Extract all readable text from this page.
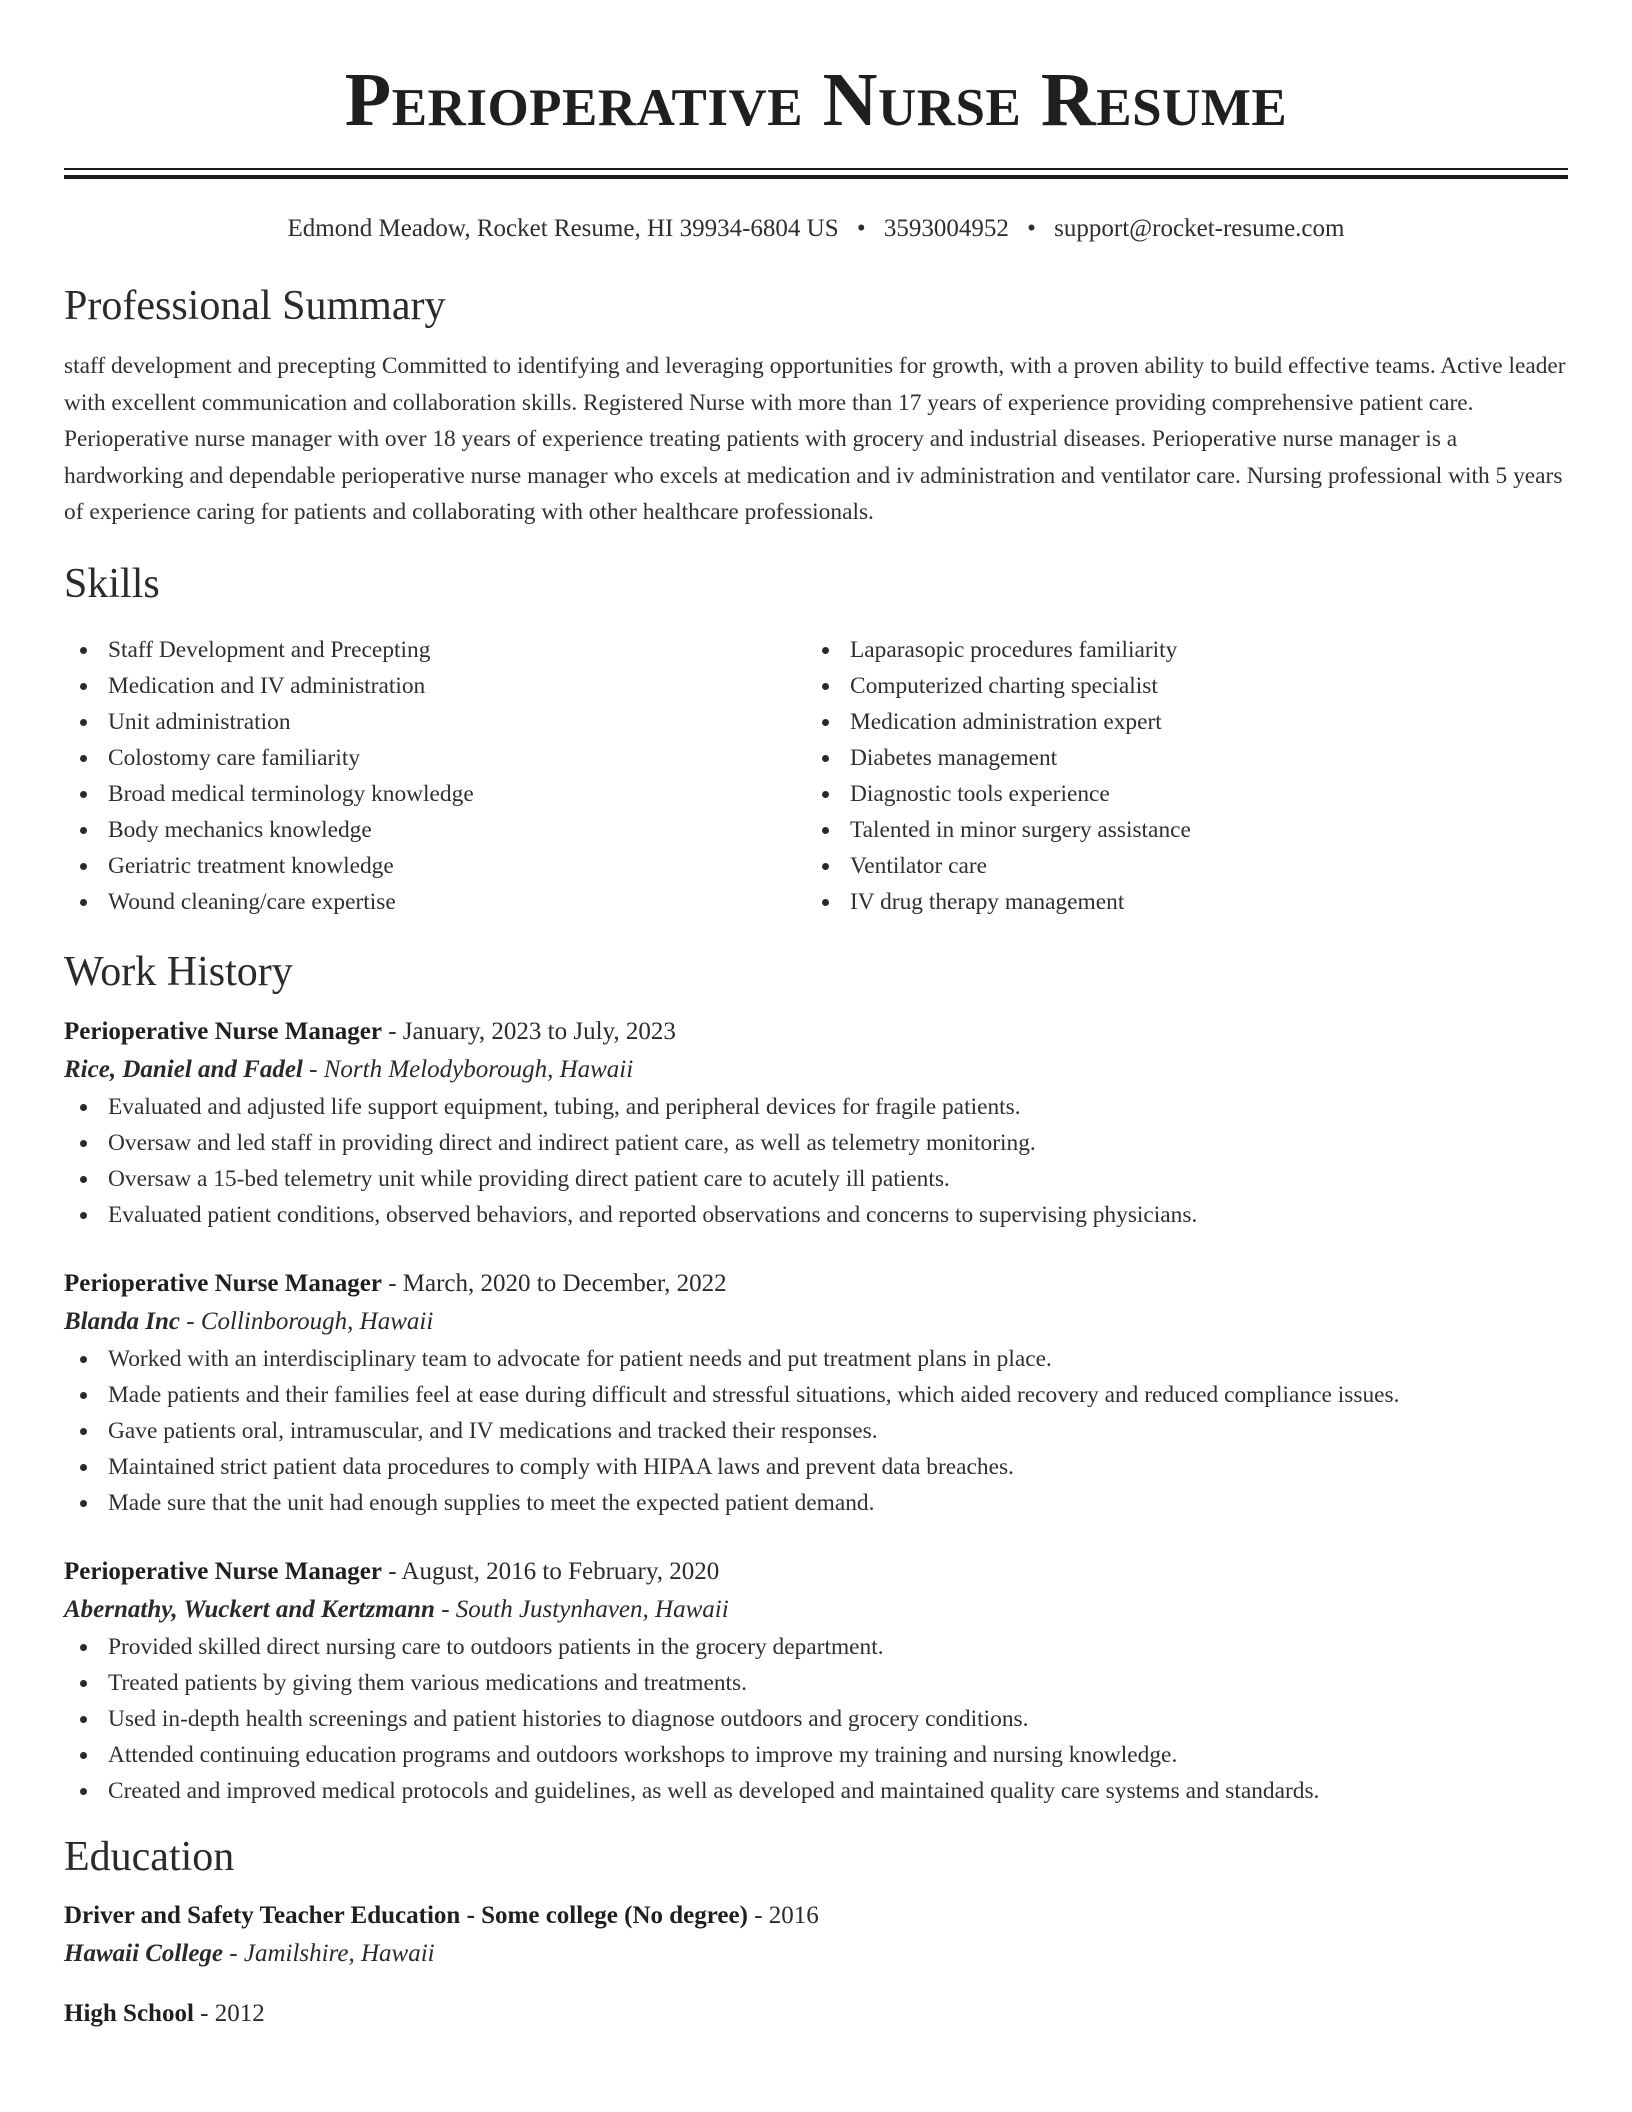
Perioperative Nurse Resume
Edmond Meadow, Rocket Resume, HI 39934-6804 US • 3593004952 • support@rocket-resume.com
Professional Summary

staff development and precepting Committed to identifying and leveraging opportunities for growth, with a proven ability to build effective teams. Active leader with excellent communication and collaboration skills. Registered Nurse with more than 17 years of experience providing comprehensive patient care. Perioperative nurse manager with over 18 years of experience treating patients with grocery and industrial diseases. Perioperative nurse manager is a hardworking and dependable perioperative nurse manager who excels at medication and iv administration and ventilator care. Nursing professional with 5 years of experience caring for patients and collaborating with other healthcare professionals.

Skills
Staff Development and Precepting
Medication and IV administration
Unit administration
Colostomy care familiarity
Broad medical terminology knowledge
Body mechanics knowledge
Geriatric treatment knowledge
Wound cleaning/care expertise
Laparasopic procedures familiarity
Computerized charting specialist
Medication administration expert
Diabetes management
Diagnostic tools experience
Talented in minor surgery assistance
Ventilator care
IV drug therapy management
Work History
Perioperative Nurse Manager - January, 2023 to July, 2023
Rice, Daniel and Fadel - North Melodyborough, Hawaii
Evaluated and adjusted life support equipment, tubing, and peripheral devices for fragile patients.
Oversaw and led staff in providing direct and indirect patient care, as well as telemetry monitoring.
Oversaw a 15-bed telemetry unit while providing direct patient care to acutely ill patients.
Evaluated patient conditions, observed behaviors, and reported observations and concerns to supervising physicians.
Perioperative Nurse Manager - March, 2020 to December, 2022
Blanda Inc - Collinborough, Hawaii
Worked with an interdisciplinary team to advocate for patient needs and put treatment plans in place.
Made patients and their families feel at ease during difficult and stressful situations, which aided recovery and reduced compliance issues.
Gave patients oral, intramuscular, and IV medications and tracked their responses.
Maintained strict patient data procedures to comply with HIPAA laws and prevent data breaches.
Made sure that the unit had enough supplies to meet the expected patient demand.
Perioperative Nurse Manager - August, 2016 to February, 2020
Abernathy, Wuckert and Kertzmann - South Justynhaven, Hawaii
Provided skilled direct nursing care to outdoors patients in the grocery department.
Treated patients by giving them various medications and treatments.
Used in-depth health screenings and patient histories to diagnose outdoors and grocery conditions.
Attended continuing education programs and outdoors workshops to improve my training and nursing knowledge.
Created and improved medical protocols and guidelines, as well as developed and maintained quality care systems and standards.
Education
Driver and Safety Teacher Education - Some college (No degree) - 2016
Hawaii College - Jamilshire, Hawaii
High School - 2012
